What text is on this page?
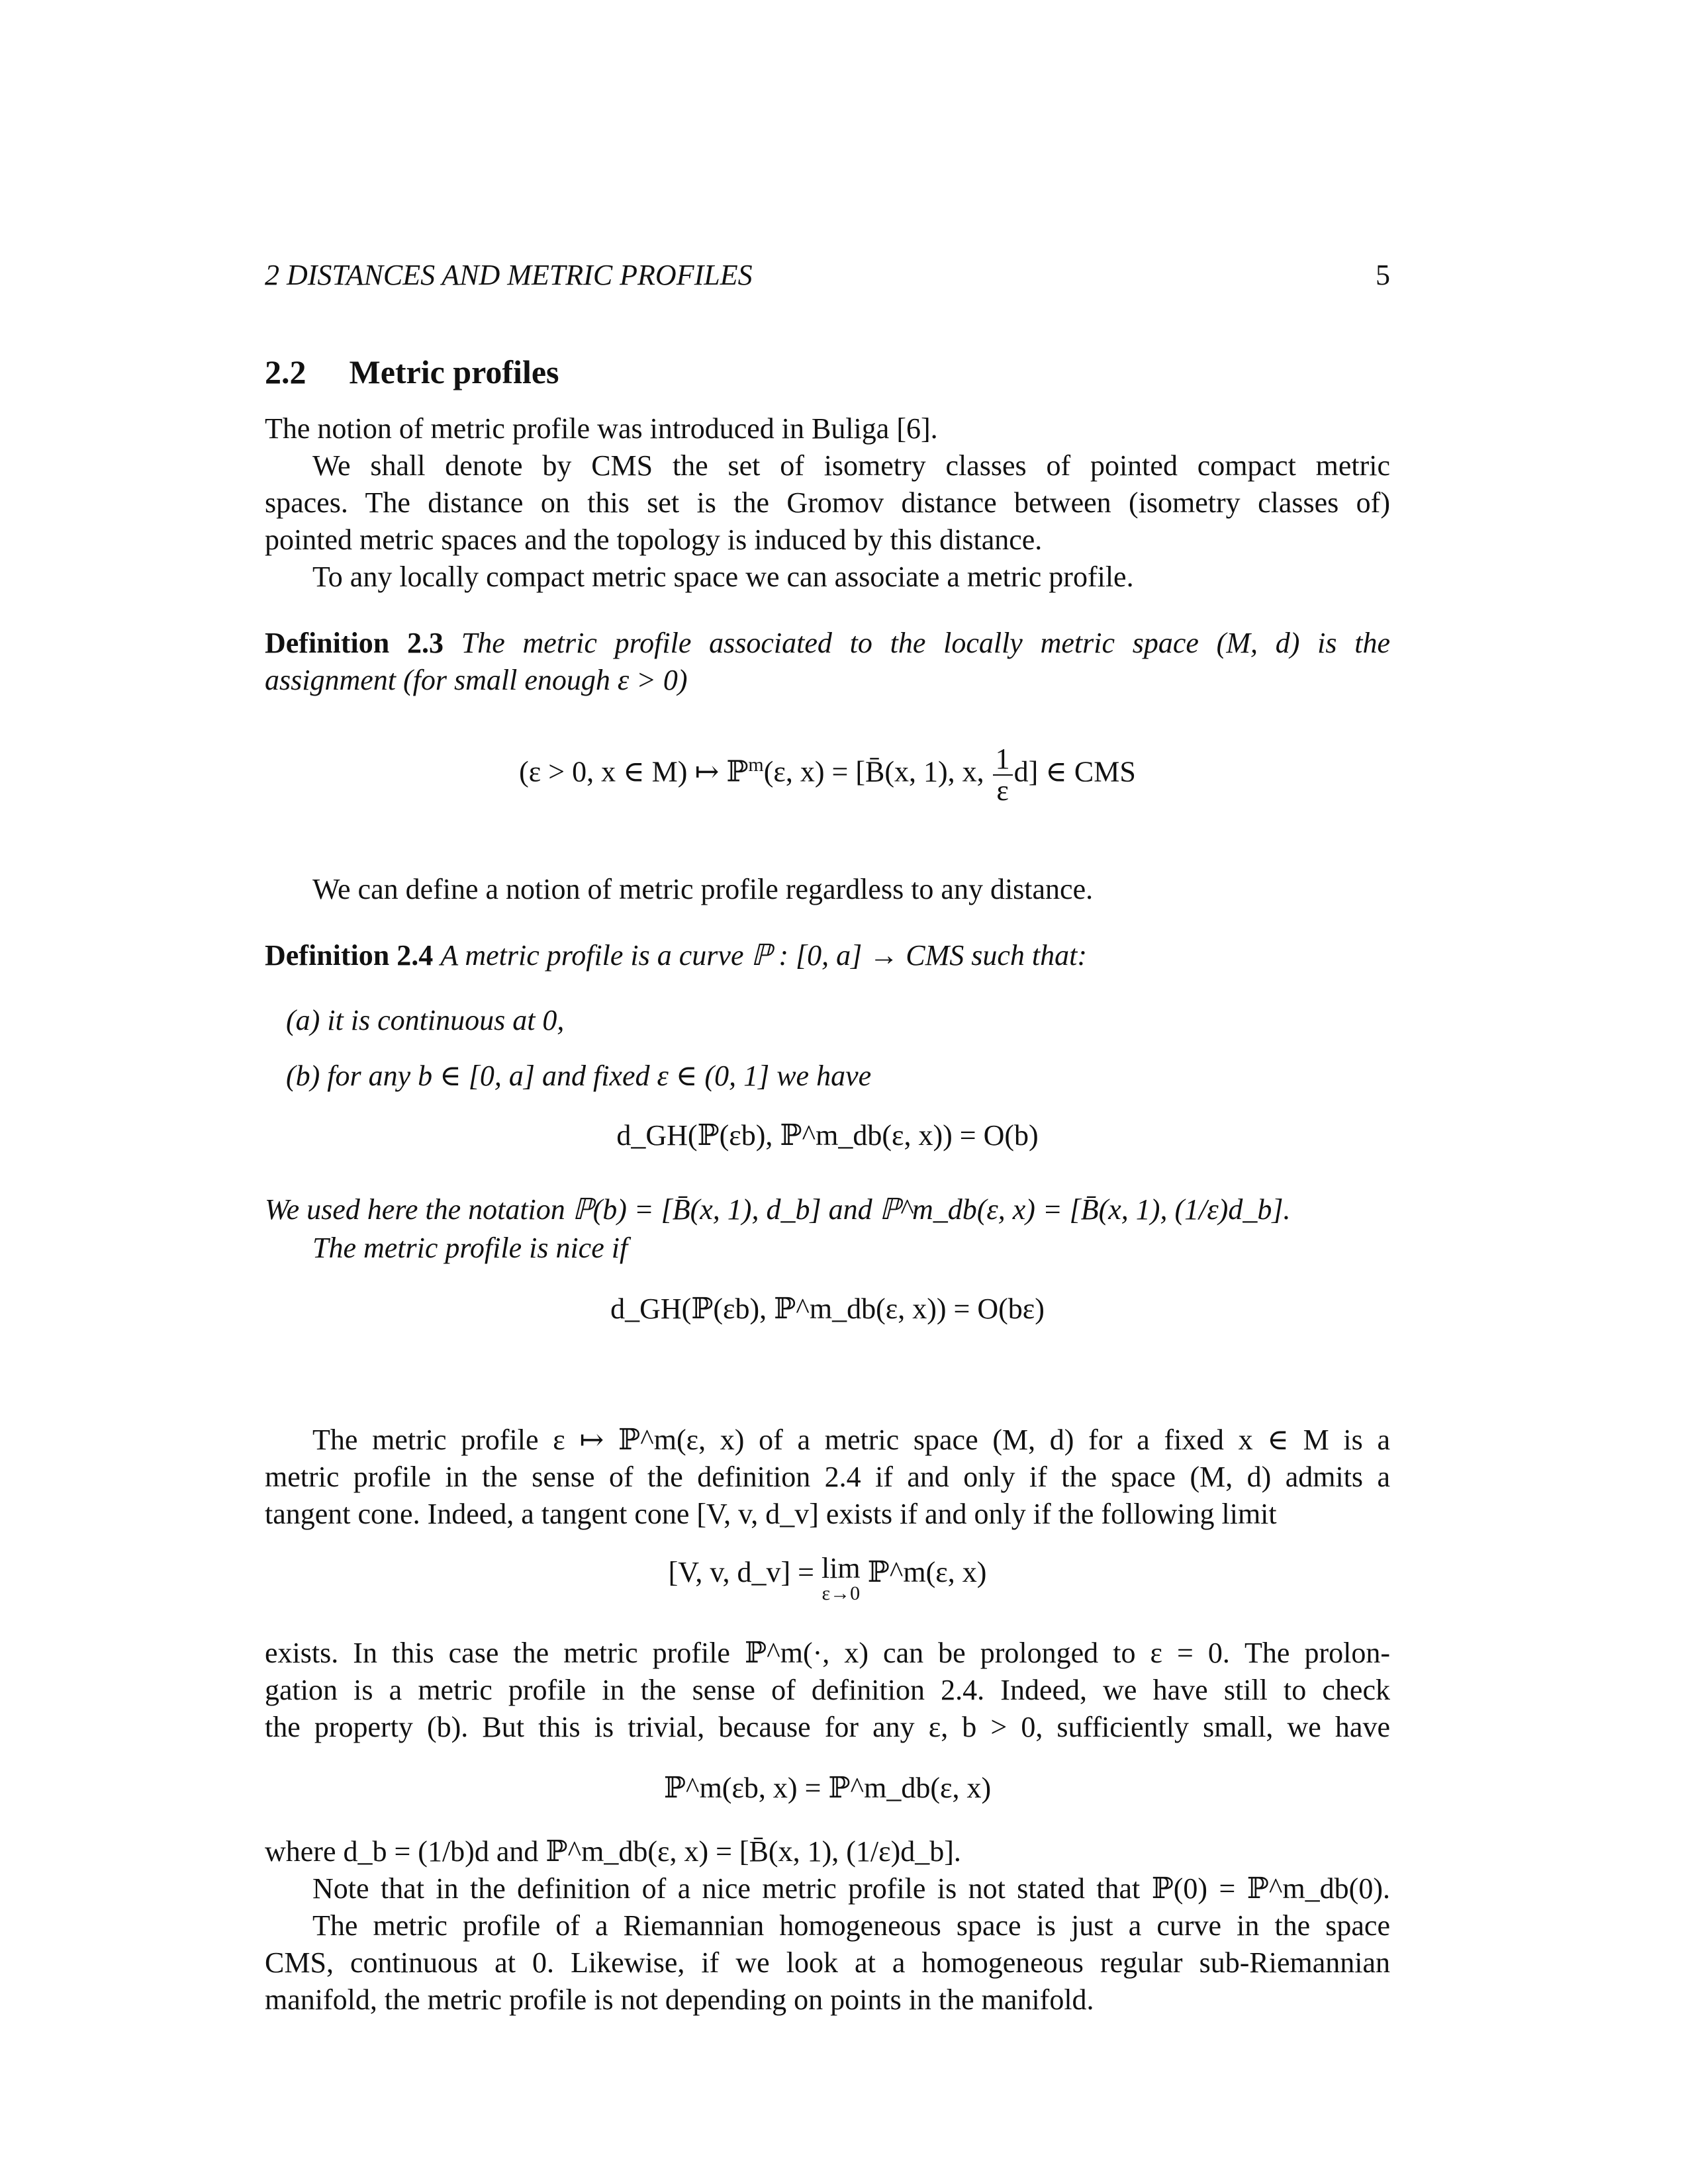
2 DISTANCES AND METRIC PROFILES	5
2.2 Metric profiles
The notion of metric profile was introduced in Buliga [6].
We shall denote by CMS the set of isometry classes of pointed compact metric
spaces. The distance on this set is the Gromov distance between (isometry classes of)
pointed metric spaces and the topology is induced by this distance.
To any locally compact metric space we can associate a metric profile.
Definition 2.3 The metric profile associated to the locally metric space (M, d) is the
assignment (for small enough ε > 0)
(ε > 0, x ∈ M) ↦ ℙ$^m$(ε, x) = [B̄(x, 1), x, $\frac{1}{\varepsilon} d$] ∈ CMS
We can define a notion of metric profile regardless to any distance.
Definition 2.4 A metric profile is a curve ℙ : [0, a] → CMS such that:
(a) it is continuous at 0,
(b) for any b ∈ [0, a] and fixed ε ∈ (0, 1] we have
d_GH(ℙ(εb), ℙ^m_db(ε, x)) = O(b)
We used here the notation ℙ(b) = [B̄(x, 1), d_b] and ℙ^m_db(ε, x) = [B̄(x, 1), (1/ε)d_b].
The metric profile is nice if
d_GH(ℙ(εb), ℙ^m_db(ε, x)) = O(bε)
The metric profile ε ↦ ℙ^m(ε, x) of a metric space (M, d) for a fixed x ∈ M is a
metric profile in the sense of the definition 2.4 if and only if the space (M, d) admits a
tangent cone. Indeed, a tangent cone [V, v, d_v] exists if and only if the following limit
[V, v, d_v] = lim
ε→0
ℙ^m(ε, x)
exists. In this case the metric profile ℙ^m(·, x) can be prolonged to ε = 0. The prolon-
gation is a metric profile in the sense of definition 2.4. Indeed, we have still to check
the property (b). But this is trivial, because for any ε, b > 0, sufficiently small, we have
ℙ^m(εb, x) = ℙ^m_db(ε, x)
where d_b = (1/b)d and ℙ^m_db(ε, x) = [B̄(x, 1), (1/ε)d_b].
Note that in the definition of a nice metric profile is not stated that ℙ(0) = ℙ^m_db(0).
The metric profile of a Riemannian homogeneous space is just a curve in the space
CMS, continuous at 0. Likewise, if we look at a homogeneous regular sub-Riemannian
manifold, the metric profile is not depending on points in the manifold.
